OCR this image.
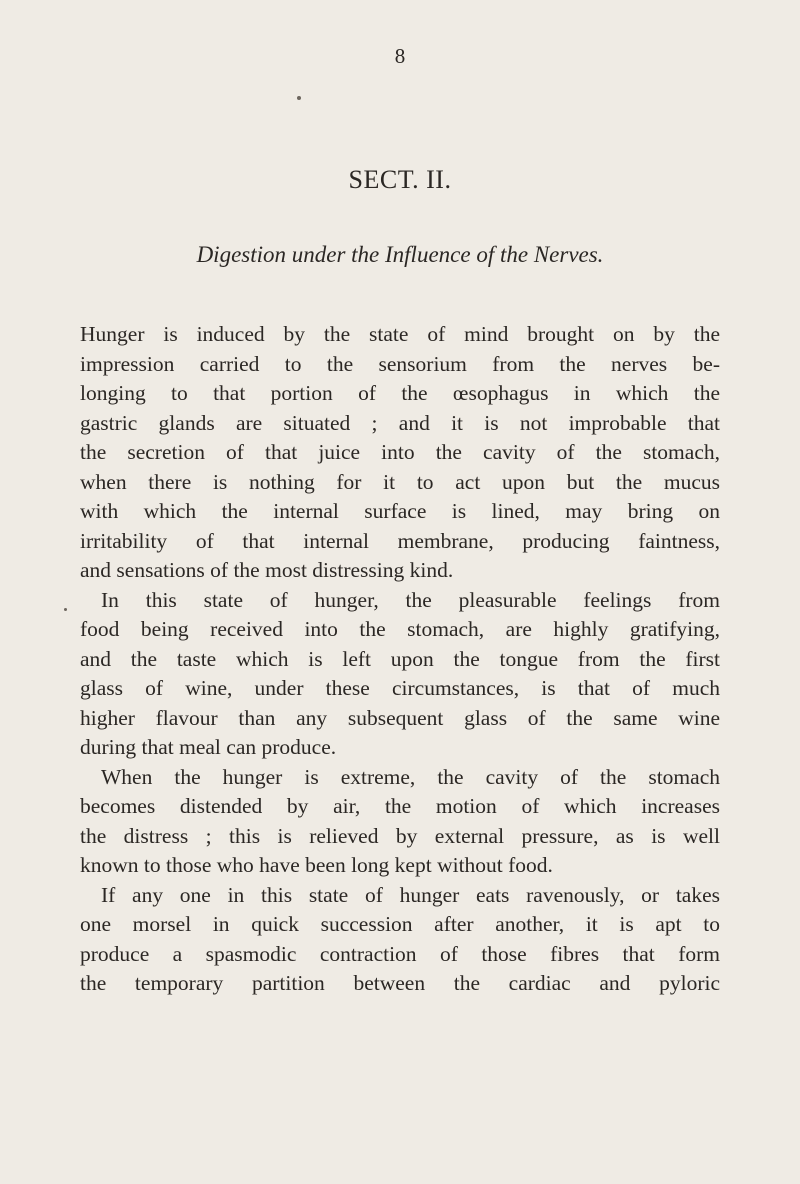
8
SECT. II.
Digestion under the Influence of the Nerves.
Hunger is induced by the state of mind brought on by the
impression carried to the sensorium from the nerves be-
longing to that portion of the œsophagus in which the
gastric glands are situated ; and it is not improbable that
the secretion of that juice into the cavity of the stomach,
when there is nothing for it to act upon but the mucus
with which the internal surface is lined, may bring on
irritability of that internal membrane, producing faintness,
and sensations of the most distressing kind.
In this state of hunger, the pleasurable feelings from
food being received into the stomach, are highly gratifying,
and the taste which is left upon the tongue from the first
glass of wine, under these circumstances, is that of much
higher flavour than any subsequent glass of the same wine
during that meal can produce.
When the hunger is extreme, the cavity of the stomach
becomes distended by air, the motion of which increases
the distress ; this is relieved by external pressure, as is well
known to those who have been long kept without food.
If any one in this state of hunger eats ravenously, or takes
one morsel in quick succession after another, it is apt to
produce a spasmodic contraction of those fibres that form
the temporary partition between the cardiac and pyloric
